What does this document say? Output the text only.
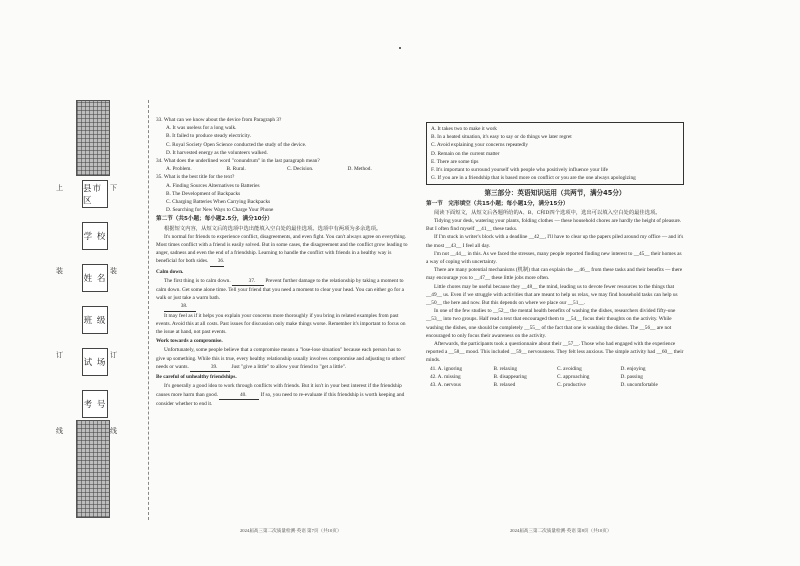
县市区
学 校
姓 名
班 级
试 场
考 号
上	下
装	装
订	订
线	线

33. What can we know about the device from Paragraph 3?

A. It was useless for a long walk.

B. It failed to produce steady electricity.

C. Royal Society Open Science conducted the study of the device.

D. It harvested energy as the volunteers walked.

34. What does the underlined word "conundrum" in the last paragraph mean?

A. Problem.	B. Rural.	C. Decision.	D. Method.

35. What is the best title for the text?

A. Finding Sources Alternatives to Batteries

B. The Development of Backpacks

C. Charging Batteries When Carrying Backpacks

D. Searching for New Ways to Charge Your Phone

第二节（共5小题；每小题2.5分，满分10分）

根据短文内容，从短文后的选项中选出能填入空白处的最佳选项。选项中有两项为多余选项。

It's normal for friends to experience conflict, disagreements, and even fight. You can't always agree on everything. Most times conflict with a friend is easily solved. But in some cases, the disagreement and the conflict grow leading to anger, sadness and even the end of a friendship. Learning to handle the conflict with friends in a healthy way is beneficial for both sides. 36.

Calm down.

The first thing is to calm down.	37. Prevent further damage to the relationship by taking a moment to calm down. Get some alone time. Tell your friend that you need a moment to clear your head. You can either go for a walk or just take a warm bath.

38.

It may feel as if it helps you explain your concerns more thoroughly if you bring in related examples from past events. Avoid this at all costs. Past issues for discussion only make things worse. Remember it's important to focus on the issue at hand, not past events.

Work towards a compromise.

Unfortunately, some people believe that a compromise means a "lose-lose situation" because each person has to give up something. While this is true, every healthy relationship usually involves compromise and adjusting to others' needs or wants.	39.	Just "give a little" to allow your friend to "get a little".

Be careful of unhealthy friendships.

It's generally a good idea to work through conflicts with friends. But it isn't in your best interest if the friendship causes more harm than good.	40.	If so, you need to re-evaluate if this friendship is worth keeping and consider whether to end it.

2024届高三第二次质量检测·英语 第7页（共10页）

A. It takes two to make it work

B. In a heated situation, it's easy to say or do things we later regret

C. Avoid explaining your concerns repeatedly

D. Remain on the current matter

E. There are some tips

F. It's important to surround yourself with people who positively influence your life

G. If you are in a friendship that is based more on conflict or you are the one always apologizing

第三部分：英语知识运用（共两节，满分45分）

第一节　完形填空（共15小题；每小题1分，满分15分）

阅读下面短文，从短文后各题所给的A、B、C和D四个选项中，选出可以填入空白处的最佳选项。

Tidying your desk, watering your plants, folding clothes — these household chores are hardly the height of pleasure. But I often find myself __41__ these tasks.

If I'm stuck in writer's block with a deadline __42__, I'll have to clear up the papers piled around my office — and it's the most __43__ I feel all day.

I'm not __44__ in this. As we faced the stresses, many people reported finding new interest to __45__ their homes as a way of coping with uncertainty.

There are many potential mechanisms (机制) that can explain the __46__ from these tasks and their benefits — there may encourage you to __47__ these little jobs more often.

Little chores may be useful because they __48__ the mind, leading us to devote fewer resources to the things that __49__ us. Even if we struggle with activities that are meant to help us relax, we may find household tasks can help us __50__ the here and now. But this depends on where we place our __51__.

In one of the few studies to __52__ the mental health benefits of washing the dishes, researchers divided fifty-one __53__ into two groups. Half read a text that encouraged them to __54__ focus their thoughts on the activity. While washing the dishes, one should be completely __55__ of the fact that one is washing the dishes. The __56__ are not encouraged to only focus their awareness on the activity.

Afterwards, the participants took a questionnaire about their __57__. Those who had engaged with the experience reported a __58__ mood. This included __59__ nervousness. They felt less anxious. The simple activity had __60__ their minds.

41. A. ignoring	B. relaxing	C. avoiding	D. enjoying
42. A. missing	B. disappearing	C. approaching	D. passing
43. A. nervous	B. relaxed	C. productive	D. uncomfortable
2024届高三第二次质量检测·英语 第8页（共10页）
